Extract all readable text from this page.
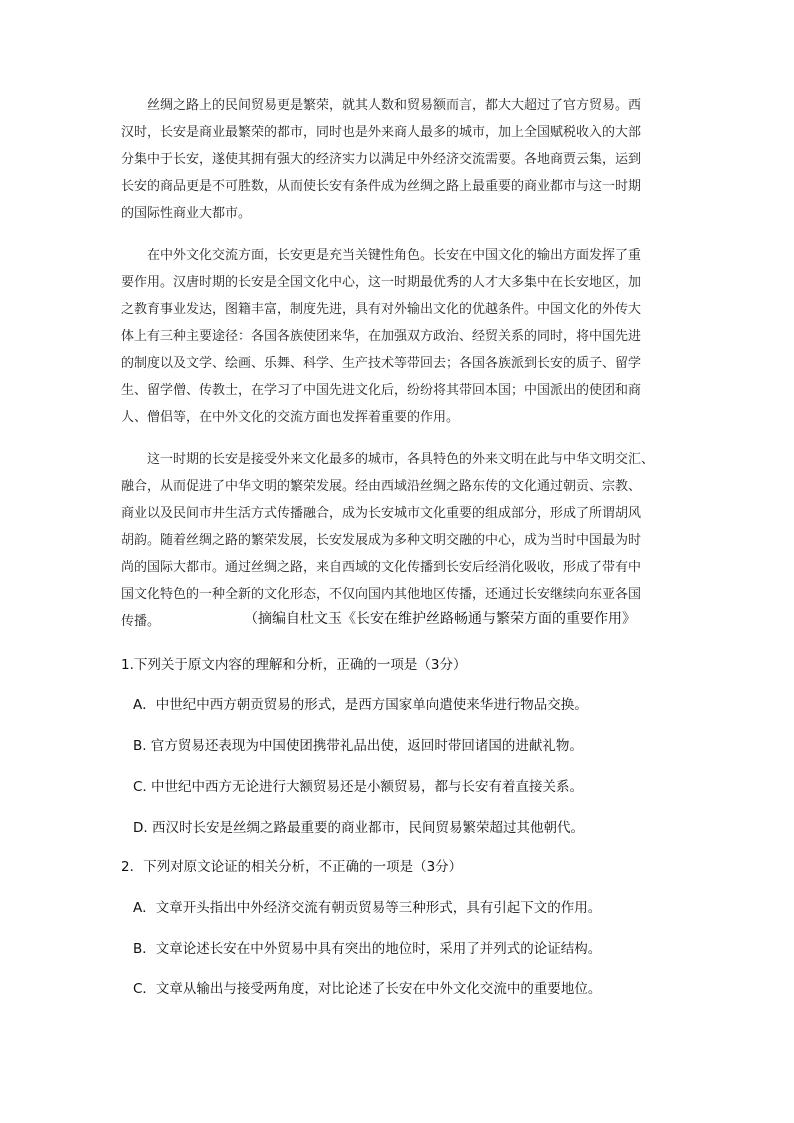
丝绸之路上的民间贸易更是繁荣，就其人数和贸易额而言，都大大超过了官方贸易。西
汉时，长安是商业最繁荣的都市，同时也是外来商人最多的城市，加上全国赋税收入的大部
分集中于长安，遂使其拥有强大的经济实力以满足中外经济交流需要。各地商贾云集，运到
长安的商品更是不可胜数，从而使长安有条件成为丝绸之路上最重要的商业都市与这一时期
的国际性商业大都市。
在中外文化交流方面，长安更是充当关键性角色。长安在中国文化的输出方面发挥了重
要作用。汉唐时期的长安是全国文化中心，这一时期最优秀的人才大多集中在长安地区，加
之教育事业发达，图籍丰富，制度先进，具有对外输出文化的优越条件。中国文化的外传大
体上有三种主要途径：各国各族使团来华，在加强双方政治、经贸关系的同时，将中国先进
的制度以及文学、绘画、乐舞、科学、生产技术等带回去；各国各族派到长安的质子、留学
生、留学僧、传教士，在学习了中国先进文化后，纷纷将其带回本国；中国派出的使团和商
人、僧侣等，在中外文化的交流方面也发挥着重要的作用。
这一时期的长安是接受外来文化最多的城市，各具特色的外来文明在此与中华文明交汇、
融合，从而促进了中华文明的繁荣发展。经由西域沿丝绸之路东传的文化通过朝贡、宗教、
商业以及民间市井生活方式传播融合，成为长安城市文化重要的组成部分，形成了所谓胡风
胡韵。随着丝绸之路的繁荣发展，长安发展成为多种文明交融的中心，成为当时中国最为时
尚的国际大都市。通过丝绸之路，来自西域的文化传播到长安后经消化吸收，形成了带有中
国文化特色的一种全新的文化形态，不仅向国内其他地区传播，还通过长安继续向东亚各国
传播。	（摘编自杜文玉《长安在维护丝路畅通与繁荣方面的重要作用》
1.下列关于原文内容的理解和分析，正确的一项是（3分）
A．中世纪中西方朝贡贸易的形式，是西方国家单向遣使来华进行物品交换。
B. 官方贸易还表现为中国使团携带礼品出使，返回时带回诸国的进献礼物。
C. 中世纪中西方无论进行大额贸易还是小额贸易，都与长安有着直接关系。
D. 西汉时长安是丝绸之路最重要的商业都市，民间贸易繁荣超过其他朝代。
2．下列对原文论证的相关分析，不正确的一项是（3分）
A．文章开头指出中外经济交流有朝贡贸易等三种形式，具有引起下文的作用。
B．文章论述长安在中外贸易中具有突出的地位时，采用了并列式的论证结构。
C．文章从输出与接受两角度，对比论述了长安在中外文化交流中的重要地位。
